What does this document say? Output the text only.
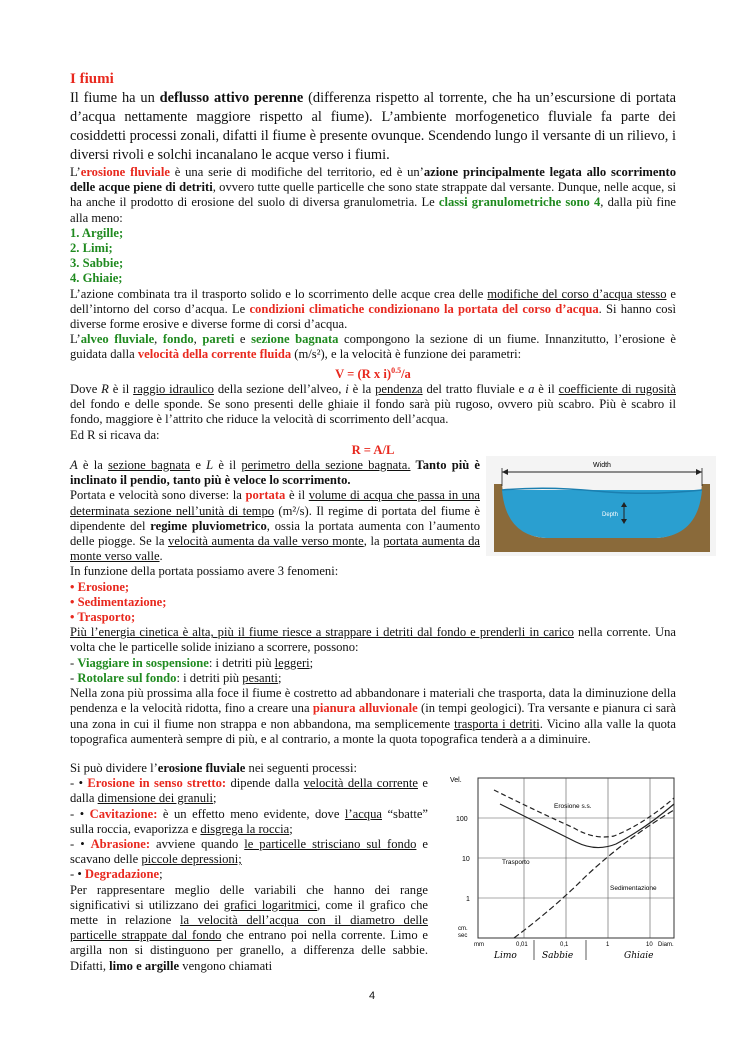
I fiumi

Il fiume ha un deflusso attivo perenne (differenza rispetto al torrente, che ha un’escursione di portata d’acqua nettamente maggiore rispetto al fiume). L’ambiente morfogenetico fluviale fa parte dei cosiddetti processi zonali, difatti il fiume è presente ovunque. Scendendo lungo il versante di un rilievo, i diversi rivoli e solchi incanalano le acque verso i fiumi.

L’erosione fluviale è una serie di modifiche del territorio, ed è un’azione principalmente legata allo scorrimento delle acque piene di detriti, ovvero tutte quelle particelle che sono state strappate dal versante. Dunque, nelle acque, si ha anche il prodotto di erosione del suolo di diversa granulometria. Le classi granulometriche sono 4, dalla più fine alla meno:

1. Argille;
2. Limi;
3. Sabbie;
4. Ghiaie;

L’azione combinata tra il trasporto solido e lo scorrimento delle acque crea delle modifiche del corso d’acqua stesso e dell’intorno del corso d’acqua. Le condizioni climatiche condizionano la portata del corso d’acqua. Si hanno così diverse forme erosive e diverse forme di corsi d’acqua.

L’alveo fluviale, fondo, pareti e sezione bagnata compongono la sezione di un fiume. Innanzitutto, l’erosione è guidata dalla velocità della corrente fluida (m/s²), e la velocità è funzione dei parametri:

V = (R x i)$^{0.5}$/a

Dove R è il raggio idraulico della sezione dell’alveo, i è la pendenza del tratto fluviale e a è il coefficiente di rugosità del fondo e delle sponde. Se sono presenti delle ghiaie il fondo sarà più rugoso, ovvero più scabro. Più è scabro il fondo, maggiore è l’attrito che riduce la velocità di scorrimento dell’acqua.

Ed R si ricava da:

R = A/L

A è la sezione bagnata e L è il perimetro della sezione bagnata. Tanto più è inclinato il pendio, tanto più è veloce lo scorrimento.

Portata e velocità sono diverse: la portata è il volume di acqua che passa in una determinata sezione nell’unità di tempo (m²/s). Il regime di portata del fiume è dipendente del regime pluviometrico, ossia la portata aumenta con l’aumento delle piogge. Se la velocità aumenta da valle verso monte, la portata aumenta da monte verso valle.

In funzione della portata possiamo avere 3 fenomeni:

• Erosione;
• Sedimentazione;
• Trasporto;

Più l’energia cinetica è alta, più il fiume riesce a strappare i detriti dal fondo e prenderli in carico nella corrente. Una volta che le particelle solide iniziano a scorrere, possono:

- Viaggiare in sospensione: i detriti più leggeri;
- Rotolare sul fondo: i detriti più pesanti;

Nella zona più prossima alla foce il fiume è costretto ad abbandonare i materiali che trasporta, data la diminuzione della pendenza e la velocità ridotta, fino a creare una pianura alluvionale (in tempi geologici). Tra versante e pianura ci sarà una zona in cui il fiume non strappa e non abbandona, ma semplicemente trasporta i detriti. Vicino alla valle la quota topografica aumenterà sempre di più, e al contrario, a monte la quota topografica tenderà a a diminuire.

Si può dividere l’erosione fluviale nei seguenti processi:

- • Erosione in senso stretto: dipende dalla velocità della corrente e dalla dimensione dei granuli;
- • Cavitazione: è un effetto meno evidente, dove l’acqua “sbatte” sulla roccia, evaporizza e disgrega la roccia;
- • Abrasione: avviene quando le particelle strisciano sul fondo e scavano delle piccole depressioni;
- • Degradazione;

Per rappresentare meglio delle variabili che hanno dei range significativi si utilizzano dei grafici logaritmici, come il grafico che mette in relazione la velocità dell’acqua con il diametro delle particelle strappate dal fondo che entrano poi nella corrente. Limo e argilla non si distinguono per granello, a differenza delle sabbie. Difatti, limo e argille vengono chiamati

Width
Depth
Vel.
100
10
1
cm.
sec
Erosione s.s.
Trasporto
Sedimentazione
mm	0,01	0,1	1	10 Diam.
Limo	Sabbie	Ghiaie
4
